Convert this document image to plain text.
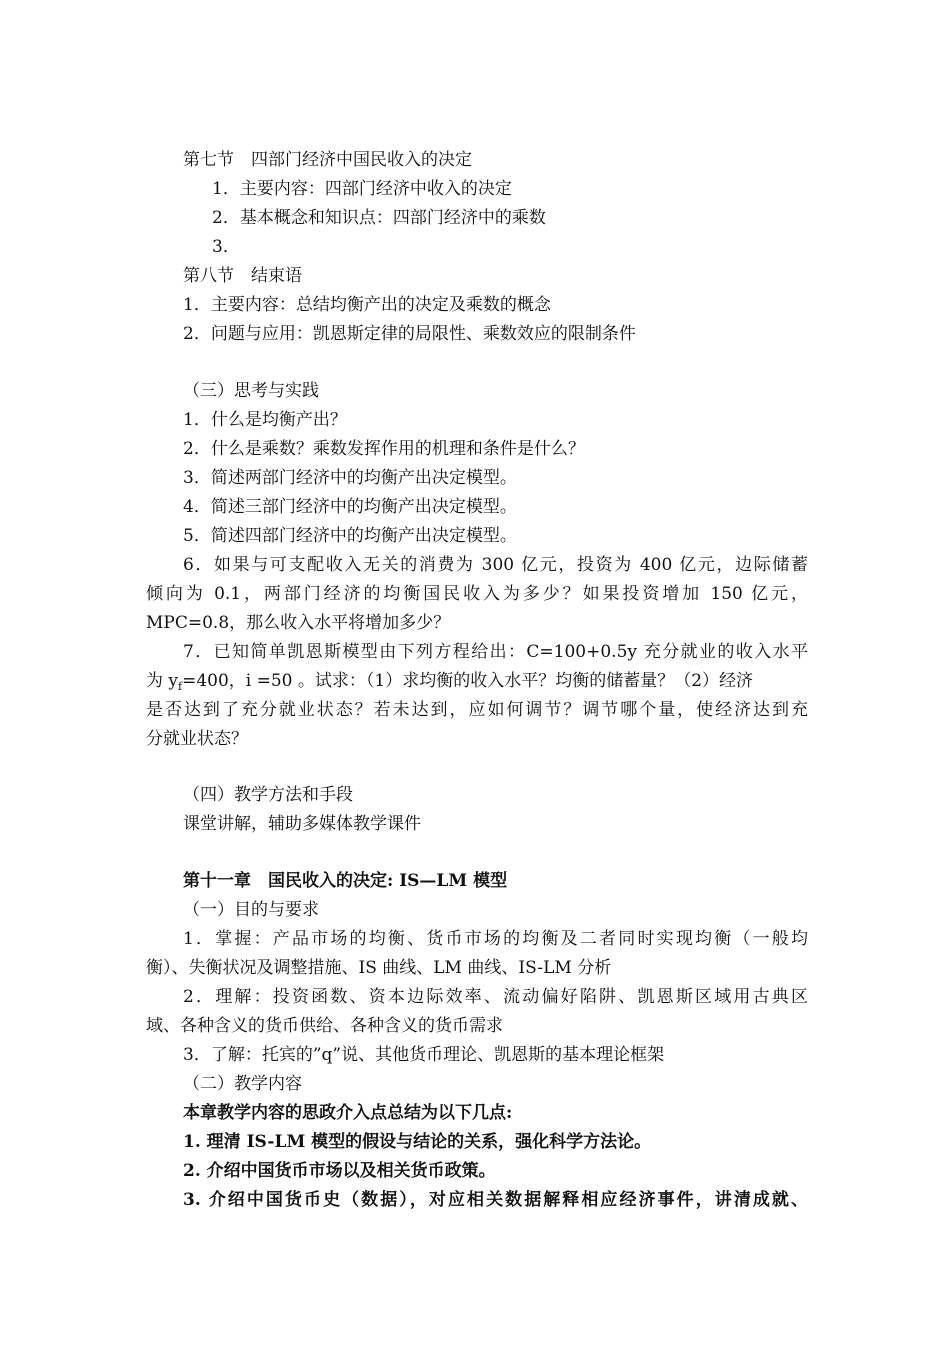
第七节　四部门经济中国民收入的决定
1．主要内容：四部门经济中收入的决定
2．基本概念和知识点：四部门经济中的乘数
3．
第八节　结束语
1．主要内容：总结均衡产出的决定及乘数的概念
2．问题与应用：凯恩斯定律的局限性、乘数效应的限制条件
（三）思考与实践
1．什么是均衡产出？
2．什么是乘数？乘数发挥作用的机理和条件是什么？
3．简述两部门经济中的均衡产出决定模型。
4．简述三部门经济中的均衡产出决定模型。
5．简述四部门经济中的均衡产出决定模型。
6．如果与可支配收入无关的消费为 300 亿元，投资为 400 亿元，边际储蓄
倾向为 0.1，两部门经济的均衡国民收入为多少？如果投资增加 150 亿元，
MPC=0.8，那么收入水平将增加多少？
7．已知简单凯恩斯模型由下列方程给出：C=100+0.5y 充分就业的收入水平
为 $y_f=400$，i =50 。试求：（1）求均衡的收入水平？均衡的储蓄量？（2）经济
是否达到了充分就业状态？若未达到，应如何调节？调节哪个量，使经济达到充
分就业状态？
（四）教学方法和手段
课堂讲解，辅助多媒体教学课件
第十一章　国民收入的决定: IS—LM 模型
（一）目的与要求
1．掌握：产品市场的均衡、货币市场的均衡及二者同时实现均衡（一般均
衡）、失衡状况及调整措施、IS 曲线、LM 曲线、IS-LM 分析
2．理解：投资函数、资本边际效率、流动偏好陷阱、凯恩斯区域用古典区
域、各种含义的货币供给、各种含义的货币需求
3．了解：托宾的”q”说、其他货币理论、凯恩斯的基本理论框架
（二）教学内容
本章教学内容的思政介入点总结为以下几点:
1. 理清 IS-LM 模型的假设与结论的关系，强化科学方法论。
2. 介绍中国货币市场以及相关货币政策。
3. 介绍中国货币史（数据），对应相关数据解释相应经济事件，讲清成就、
